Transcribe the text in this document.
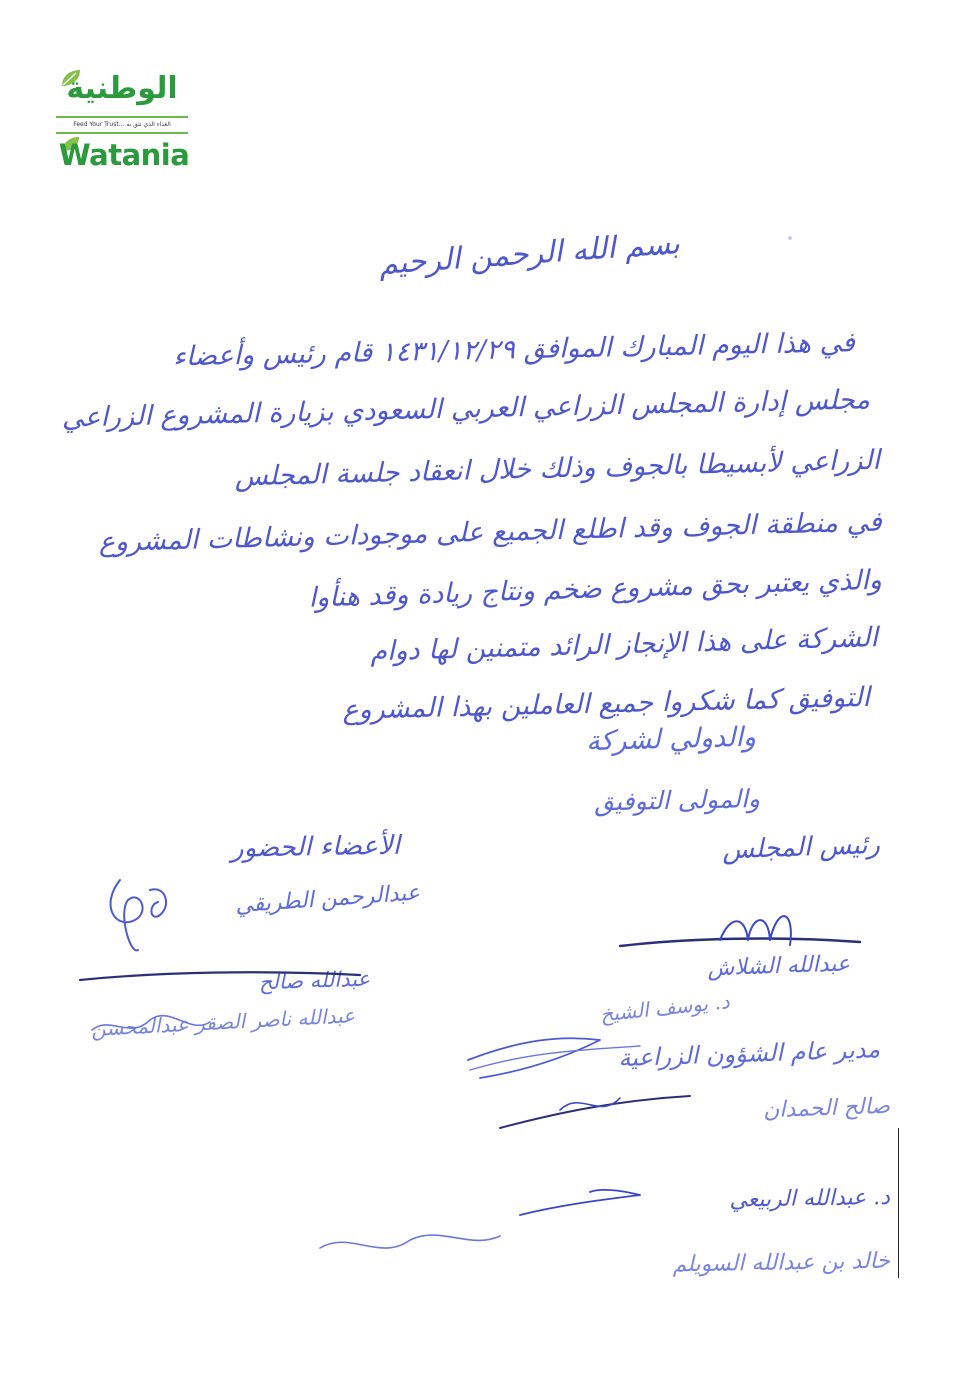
الوطنية
Feed Your Trust... الغذاء الذي تثق به
Watania
بسم الله الرحمن الرحيم
في هذا اليوم المبارك الموافق ١٤٣١/١٢/٢٩ قام رئيس وأعضاء
مجلس إدارة المجلس الزراعي العربي السعودي بزيارة المشروع الزراعي
الزراعي لأبسيطا بالجوف وذلك خلال انعقاد جلسة المجلس
في منطقة الجوف وقد اطلع الجميع على موجودات ونشاطات المشروع
والذي يعتبر بحق مشروع ضخم ونتاج ريادة وقد هنأوا
الشركة على هذا الإنجاز الرائد متمنين لها دوام
التوفيق كما شكروا جميع العاملين بهذا المشروع
والدولي لشركة
والمولى التوفيق
الأعضاء الحضور	رئيس المجلس
عبدالرحمن الطريقي
عبدالله صالح
عبدالله ناصر الصقر عبدالمحسن
عبدالله الشلاش
د. يوسف الشيخ
مدير عام الشؤون الزراعية
صالح الحمدان
د. عبدالله الربيعي
خالد بن عبدالله السويلم
